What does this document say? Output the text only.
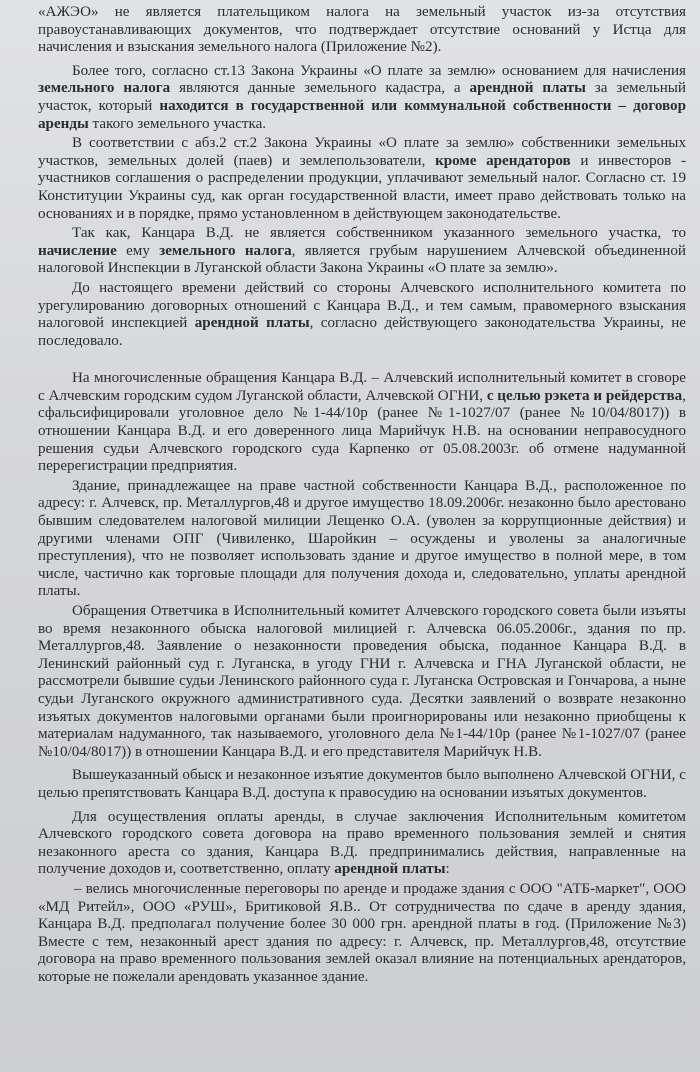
«АЖЭО» не является плательщиком налога на земельный участок из-за отсутствия правоустанавливающих документов, что подтверждает отсутствие оснований у Истца для начисления и взыскания земельного налога (Приложение №2).

Более того, согласно ст.13 Закона Украины «О плате за землю» основанием для начисления земельного налога являются данные земельного кадастра, а арендной платы за земельный участок, который находится в государственной или коммунальной собственности – договор аренды такого земельного участка.

В соответствии с абз.2 ст.2 Закона Украины «О плате за землю» собственники земельных участков, земельных долей (паев) и землепользователи, кроме арендаторов и инвесторов - участников соглашения о распределении продукции, уплачивают земельный налог. Согласно ст. 19 Конституции Украины суд, как орган государственной власти, имеет право действовать только на основаниях и в порядке, прямо установленном в действующем законодательстве.

Так как, Канцара В.Д. не является собственником указанного земельного участка, то начисление ему земельного налога, является грубым нарушением Алчевской объединенной налоговой Инспекции в Луганской области Закона Украины «О плате за землю».

До настоящего времени действий со стороны Алчевского исполнительного комитета по урегулированию договорных отношений с Канцара В.Д., и тем самым, правомерного взыскания налоговой инспекцией арендной платы, согласно действующего законодательства Украины, не последовало.

На многочисленные обращения Канцара В.Д. – Алчевский исполнительный комитет в сговоре с Алчевским городским судом Луганской области, Алчевской ОГНИ, с целью рэкета и рейдерства, сфальсифицировали уголовное дело №1-44/10р (ранее №1-1027/07 (ранее №10/04/8017)) в отношении Канцара В.Д. и его доверенного лица Марийчук Н.В. на основании неправосудного решения судьи Алчевского городского суда Карпенко от 05.08.2003г. об отмене надуманной перерегистрации предприятия.

Здание, принадлежащее на праве частной собственности Канцара В.Д., расположенное по адресу: г. Алчевск, пр. Металлургов,48 и другое имущество 18.09.2006г. незаконно было арестовано бывшим следователем налоговой милиции Лещенко О.А. (уволен за коррупционные действия) и другими членами ОПГ (Чивиленко, Шаройкин – осуждены и уволены за аналогичные преступления), что не позволяет использовать здание и другое имущество в полной мере, в том числе, частично как торговые площади для получения дохода и, следовательно, уплаты арендной платы.

Обращения Ответчика в Исполнительный комитет Алчевского городского совета были изъяты во время незаконного обыска налоговой милицией г. Алчевска 06.05.2006г., здания по пр. Металлургов,48. Заявление о незаконности проведения обыска, поданное Канцара В.Д. в Ленинский районный суд г. Луганска, в угоду ГНИ г. Алчевска и ГНА Луганской области, не рассмотрели бывшие судьи Ленинского районного суда г. Луганска Островская и Гончарова, а ныне судьи Луганского окружного административного суда. Десятки заявлений о возврате незаконно изъятых документов налоговыми органами были проигнорированы или незаконно приобщены к материалам надуманного, так называемого, уголовного дела №1-44/10р (ранее №1-1027/07 (ранее №10/04/8017)) в отношении Канцара В.Д. и его представителя Марийчук Н.В.

Вышеуказанный обыск и незаконное изъятие документов было выполнено Алчевской ОГНИ, с целью препятствовать Канцара В.Д. доступа к правосудию на основании изъятых документов.

Для осуществления оплаты аренды, в случае заключения Исполнительным комитетом Алчевского городского совета договора на право временного пользования землей и снятия незаконного ареста со здания, Канцара В.Д. предпринимались действия, направленные на получение доходов и, соответственно, оплату арендной платы:

– велись многочисленные переговоры по аренде и продаже здания с ООО "АТБ-маркет", ООО «МД Ритейл», ООО «РУШ», Бритиковой Я.В.. От сотрудничества по сдаче в аренду здания, Канцара В.Д. предполагал получение более 30 000 грн. арендной платы в год. (Приложение №3) Вместе с тем, незаконный арест здания по адресу: г. Алчевск, пр. Металлургов,48, отсутствие договора на право временного пользования землей оказал влияние на потенциальных арендаторов, которые не пожелали арендовать указанное здание.
